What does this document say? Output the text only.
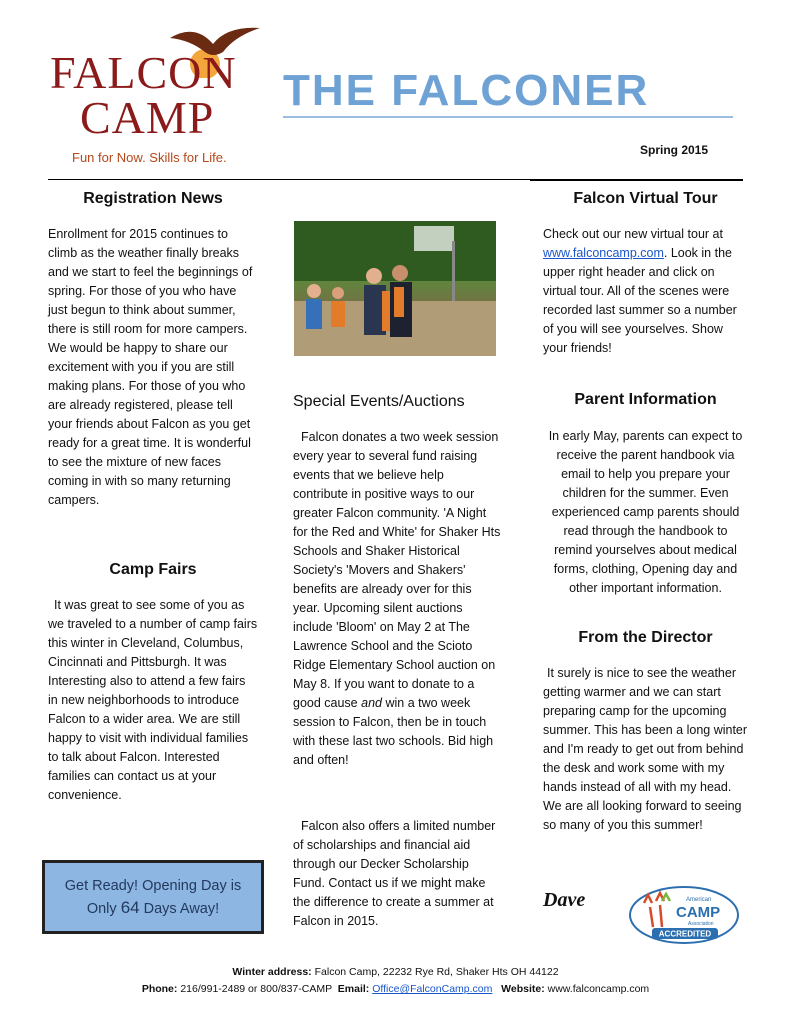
FALCON
CAMP
Fun for Now. Skills for Life.
THE FALCONER
Spring 2015
Registration News
Enrollment for 2015 continues to climb as the weather finally breaks and we start to feel the beginnings of spring. For those of you who have just begun to think about summer, there is still room for more campers. We would be happy to share our excitement with you if you are still making plans. For those of you who are already registered, please tell your friends about Falcon as you get ready for a great time. It is wonderful to see the mixture of new faces coming in with so many returning campers.
Camp Fairs
It was great to see some of you as we traveled to a number of camp fairs this winter in Cleveland, Columbus, Cincinnati and Pittsburgh. It was Interesting also to attend a few fairs in new neighborhoods to introduce Falcon to a wider area. We are still happy to visit with individual families to talk about Falcon. Interested families can contact us at your convenience.
Get Ready! Opening Day is
Only 64 Days Away!
Special Events/Auctions
Falcon donates a two week session every year to several fund raising events that we believe help contribute in positive ways to our greater Falcon community. 'A Night for the Red and White' for Shaker Hts Schools and Shaker Historical Society's 'Movers and Shakers' benefits are already over for this year. Upcoming silent auctions include 'Bloom' on May 2 at The Lawrence School and the Scioto Ridge Elementary School auction on May 8. If you want to donate to a good cause and win a two week session to Falcon, then be in touch with these last two schools. Bid high and often!
Falcon also offers a limited number of scholarships and financial aid through our Decker Scholarship Fund. Contact us if we might make the difference to create a summer at Falcon in 2015.
Falcon Virtual Tour
Check out our new virtual tour at www.falconcamp.com. Look in the upper right header and click on virtual tour. All of the scenes were recorded last summer so a number of you will see yourselves. Show your friends!
Parent Information
In early May, parents can expect to receive the parent handbook via email to help you prepare your children for the summer. Even experienced camp parents should read through the handbook to remind yourselves about medical forms, clothing, Opening day and other important information.
From the Director
It surely is nice to see the weather getting warmer and we can start preparing camp for the upcoming summer. This has been a long winter and I'm ready to get out from behind the desk and work some with my hands instead of all with my head. We are all looking forward to seeing so many of you this summer!
Dave	American
CAMP
Association
ACCREDITED
Winter address: Falcon Camp, 22232 Rye Rd, Shaker Hts OH 44122
Phone: 216/991-2489 or 800/837-CAMP Email: Office@FalconCamp.com Website: www.falconcamp.com
